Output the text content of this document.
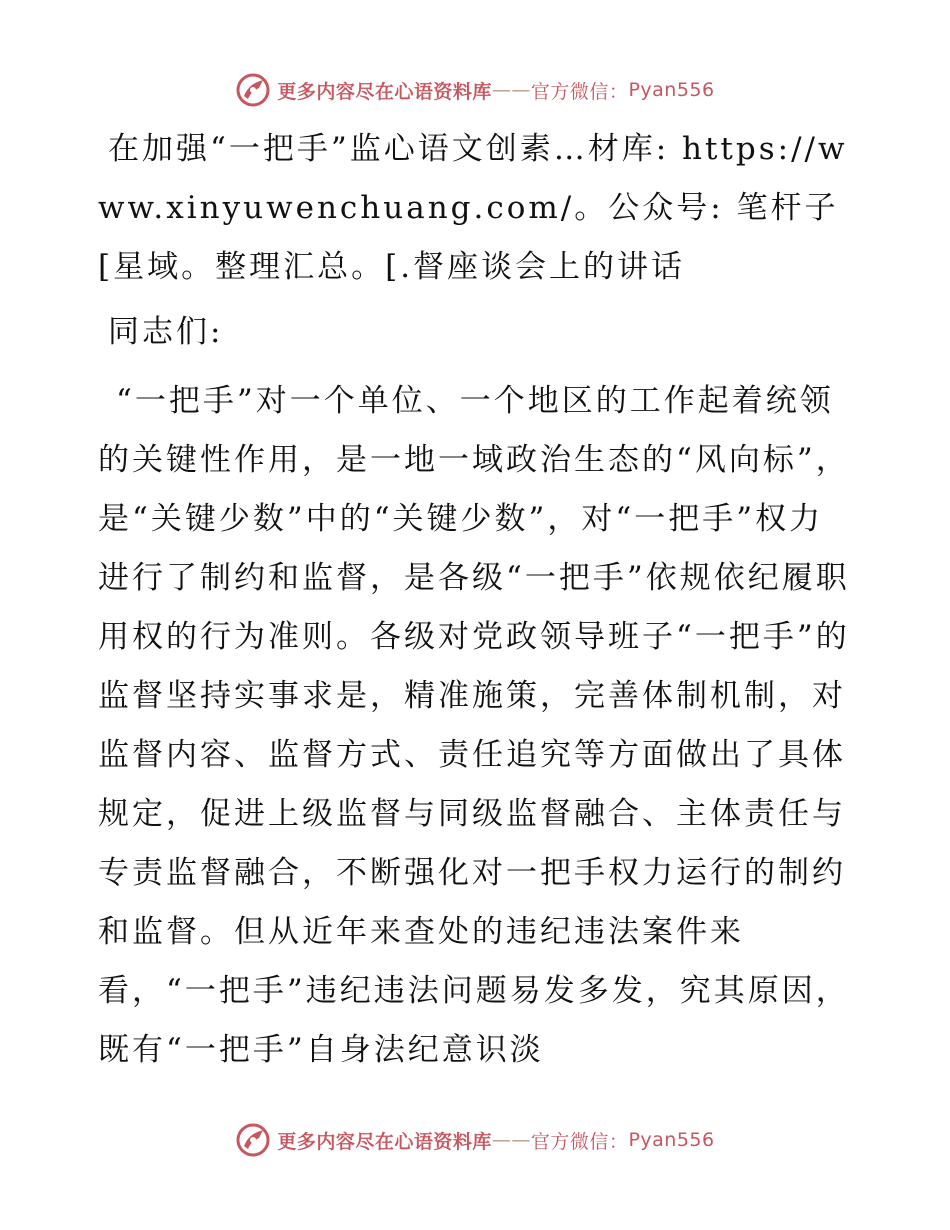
更多内容尽在心语资料库 —— 官方微信： Pyan556

在加强“一把手”监心语文创素…材库: https://www.xinyuwenchuang.com/。公众号: 笔杆子[星域。整理汇总。[.督座谈会上的讲话

同志们:

“一把手”对一个单位、一个地区的工作起着统领的关键性作用，是一地一域政治生态的“风向标”，是“关键少数”中的“关键少数”，对“一把手”权力进行了制约和监督，是各级“一把手”依规依纪履职用权的行为准则。各级对党政领导班子“一把手”的监督坚持实事求是，精准施策，完善体制机制，对监督内容、监督方式、责任追究等方面做出了具体规定，促进上级监督与同级监督融合、主体责任与专责监督融合，不断强化对一把手权力运行的制约和监督。但从近年来查处的违纪违法案件来看，“一把手”违纪违法问题易发多发，究其原因，既有“一把手”自身法纪意识淡

更多内容尽在心语资料库 —— 官方微信： Pyan556
